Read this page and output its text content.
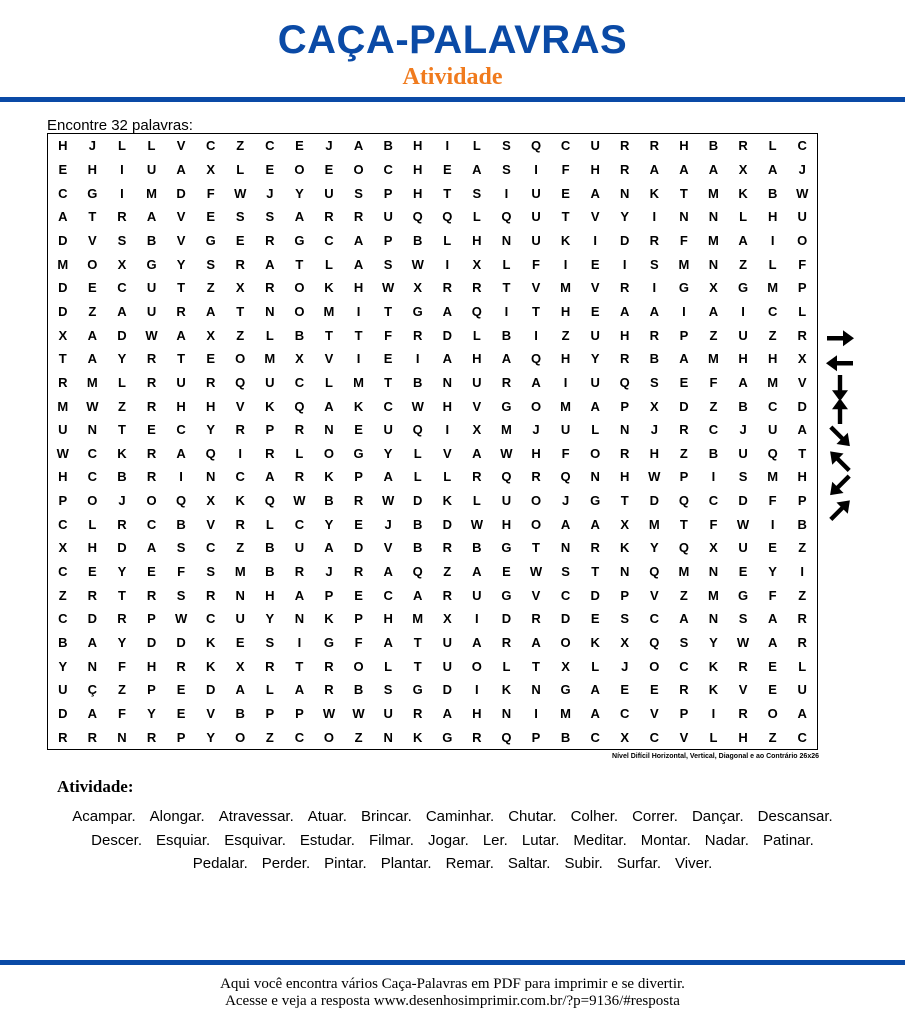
CAÇA-PALAVRAS
Atividade
Encontre 32 palavras:
H	J	L	L	V	C	Z	C	E	J	A	B	H	I	L	S	Q	C	U	R	R	H	B	R	L	C
E	H	I	U	A	X	L	E	O	E	O	C	H	E	A	S	I	F	H	R	A	A	A	X	A	J
C	G	I	M	D	F	W	J	Y	U	S	P	H	T	S	I	U	E	A	N	K	T	M	K	B	W
A	T	R	A	V	E	S	S	A	R	R	U	Q	Q	L	Q	U	T	V	Y	I	N	N	L	H	U
D	V	S	B	V	G	E	R	G	C	A	P	B	L	H	N	U	K	I	D	R	F	M	A	I	O
M	O	X	G	Y	S	R	A	T	L	A	S	W	I	X	L	F	I	E	I	S	M	N	Z	L	F
D	E	C	U	T	Z	X	R	O	K	H	W	X	R	R	T	V	M	V	R	I	G	X	G	M	P
D	Z	A	U	R	A	T	N	O	M	I	T	G	A	Q	I	T	H	E	A	A	I	A	I	C	L
X	A	D	W	A	X	Z	L	B	T	T	F	R	D	L	B	I	Z	U	H	R	P	Z	U	Z	R
T	A	Y	R	T	E	O	M	X	V	I	E	I	A	H	A	Q	H	Y	R	B	A	M	H	H	X
R	M	L	R	U	R	Q	U	C	L	M	T	B	N	U	R	A	I	U	Q	S	E	F	A	M	V
M	W	Z	R	H	H	V	K	Q	A	K	C	W	H	V	G	O	M	A	P	X	D	Z	B	C	D
U	N	T	E	C	Y	R	P	R	N	E	U	Q	I	X	M	J	U	L	N	J	R	C	J	U	A
W	C	K	R	A	Q	I	R	L	O	G	Y	L	V	A	W	H	F	O	R	H	Z	B	U	Q	T
H	C	B	R	I	N	C	A	R	K	P	A	L	L	R	Q	R	Q	N	H	W	P	I	S	M	H
P	O	J	O	Q	X	K	Q	W	B	R	W	D	K	L	U	O	J	G	T	D	Q	C	D	F	P
C	L	R	C	B	V	R	L	C	Y	E	J	B	D	W	H	O	A	A	X	M	T	F	W	I	B
X	H	D	A	S	C	Z	B	U	A	D	V	B	R	B	G	T	N	R	K	Y	Q	X	U	E	Z
C	E	Y	E	F	S	M	B	R	J	R	A	Q	Z	A	E	W	S	T	N	Q	M	N	E	Y	I
Z	R	T	R	S	R	N	H	A	P	E	C	A	R	U	G	V	C	D	P	V	Z	M	G	F	Z
C	D	R	P	W	C	U	Y	N	K	P	H	M	X	I	D	R	D	E	S	C	A	N	S	A	R
B	A	Y	D	D	K	E	S	I	G	F	A	T	U	A	R	A	O	K	X	Q	S	Y	W	A	R
Y	N	F	H	R	K	X	R	T	R	O	L	T	U	O	L	T	X	L	J	O	C	K	R	E	L
U	Ç	Z	P	E	D	A	L	A	R	B	S	G	D	I	K	N	G	A	E	E	R	K	V	E	U
D	A	F	Y	E	V	B	P	P	W	W	U	R	A	H	N	I	M	A	C	V	P	I	R	O	A
R	R	N	R	P	Y	O	Z	C	O	Z	N	K	G	R	Q	P	B	C	X	C	V	L	H	Z	C
Nível Difícil Horizontal, Vertical, Diagonal e ao Contrário 26x26
Atividade:
Acampar. Alongar. Atravessar. Atuar. Brincar. Caminhar. Chutar. Colher. Correr. Dançar. Descansar.Descer. Esquiar. Esquivar. Estudar. Filmar. Jogar. Ler. Lutar. Meditar. Montar. Nadar. Patinar.Pedalar. Perder. Pintar. Plantar. Remar. Saltar. Subir. Surfar. Viver.
Aqui você encontra vários Caça-Palavras em PDF para imprimir e se divertir.
Acesse e veja a resposta www.desenhosimprimir.com.br/?p=9136/#resposta
